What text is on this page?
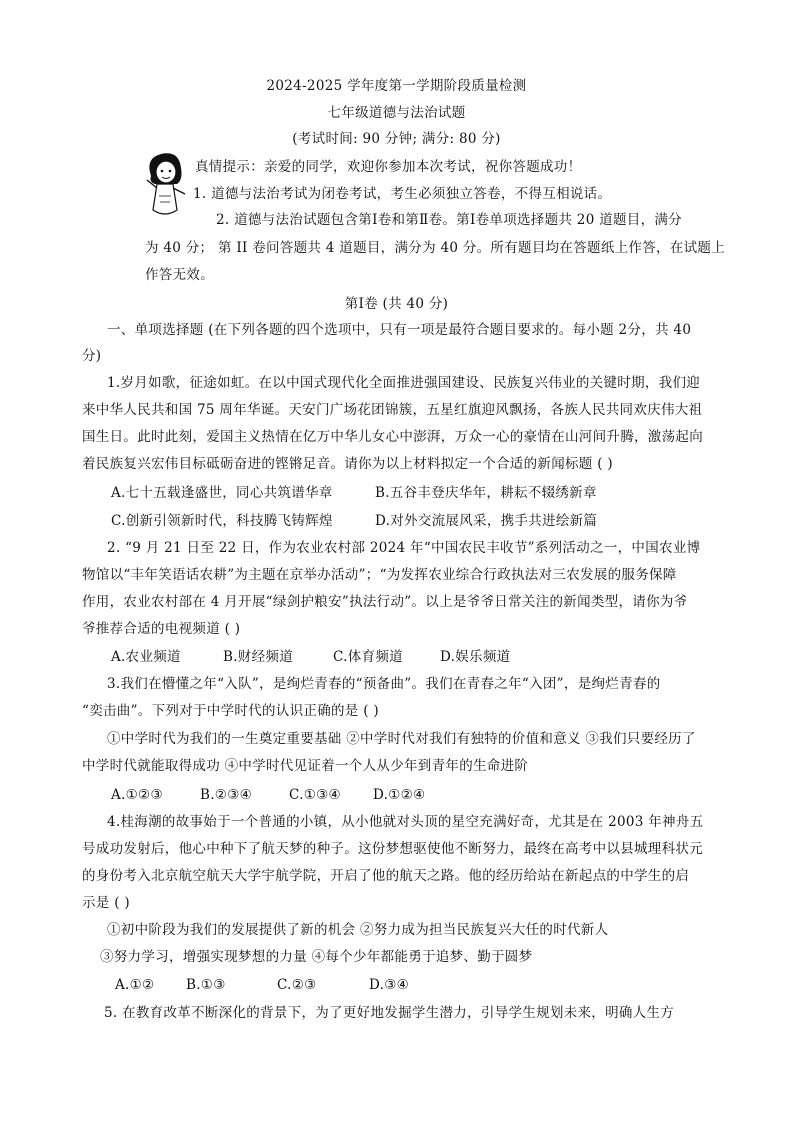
2024-2025 学年度第一学期阶段质量检测
七年级道德与法治试题
(考试时间: 90 分钟; 满分: 80 分)
真情提示：亲爱的同学，欢迎你参加本次考试，祝你答题成功！
1. 道德与法治考试为闭卷考试，考生必须独立答卷，不得互相说话。
2. 道德与法治试题包含第Ⅰ卷和第Ⅱ卷。第Ⅰ卷单项选择题共 20 道题目，满分
为 40 分； 第 II 卷问答题共 4 道题目，满分为 40 分。所有题目均在答题纸上作答，在试题上
作答无效。
第Ⅰ卷 (共 40 分)
一、单项选择题 (在下列各题的四个选项中，只有一项是最符合题目要求的。每小题 2分，共 40
分)
1.岁月如歌，征途如虹。在以中国式现代化全面推进强国建设、民族复兴伟业的关键时期，我们迎
来中华人民共和国 75 周年华诞。天安门广场花团锦簇，五星红旗迎风飘扬，各族人民共同欢庆伟大祖
国生日。此时此刻，爱国主义热情在亿万中华儿女心中澎湃，万众一心的豪情在山河间升腾，激荡起向
着民族复兴宏伟目标砥砺奋进的铿锵足音。请你为以上材料拟定一个合适的新闻标题 ( )
A.七十五载逢盛世，同心共筑谱华章	B.五谷丰登庆华年，耕耘不辍绣新章
C.创新引领新时代，科技腾飞铸辉煌	D.对外交流展风采，携手共进绘新篇
2. “9 月 21 日至 22 日，作为农业农村部 2024 年“中国农民丰收节”系列活动之一，中国农业博
物馆以“丰年笑语话农耕”为主题在京举办活动”；“为发挥农业综合行政执法对三农发展的服务保障
作用，农业农村部在 4 月开展“绿剑护粮安”执法行动”。以上是爷爷日常关注的新闻类型，请你为爷
爷推荐合适的电视频道 ( )
A.农业频道	B.财经频道	C.体育频道	D.娱乐频道
3.我们在懵懂之年“入队”，是绚烂青春的“预备曲”。我们在青春之年“入团”，是绚烂青春的
“奕击曲”。下列对于中学时代的认识正确的是 ( )
①中学时代为我们的一生奠定重要基础 ②中学时代对我们有独特的价值和意义 ③我们只要经历了
中学时代就能取得成功 ④中学时代见证着一个人从少年到青年的生命进阶
A.①②③	B.②③④	C.①③④ D.①②④
4.桂海潮的故事始于一个普通的小镇，从小他就对头顶的星空充满好奇，尤其是在 2003 年神舟五
号成功发射后，他心中种下了航天梦的种子。这份梦想驱使他不断努力，最终在高考中以县城理科状元
的身份考入北京航空航天大学宇航学院，开启了他的航天之路。他的经历给站在新起点的中学生的启
示是 ( )
①初中阶段为我们的发展提供了新的机会 ②努力成为担当民族复兴大任的时代新人
③努力学习，增强实现梦想的力量 ④每个少年都能勇于追梦、勤于圆梦
A.①② B.①③	C.②③	D.③④
5. 在教育改革不断深化的背景下，为了更好地发掘学生潜力，引导学生规划未来，明确人生方
